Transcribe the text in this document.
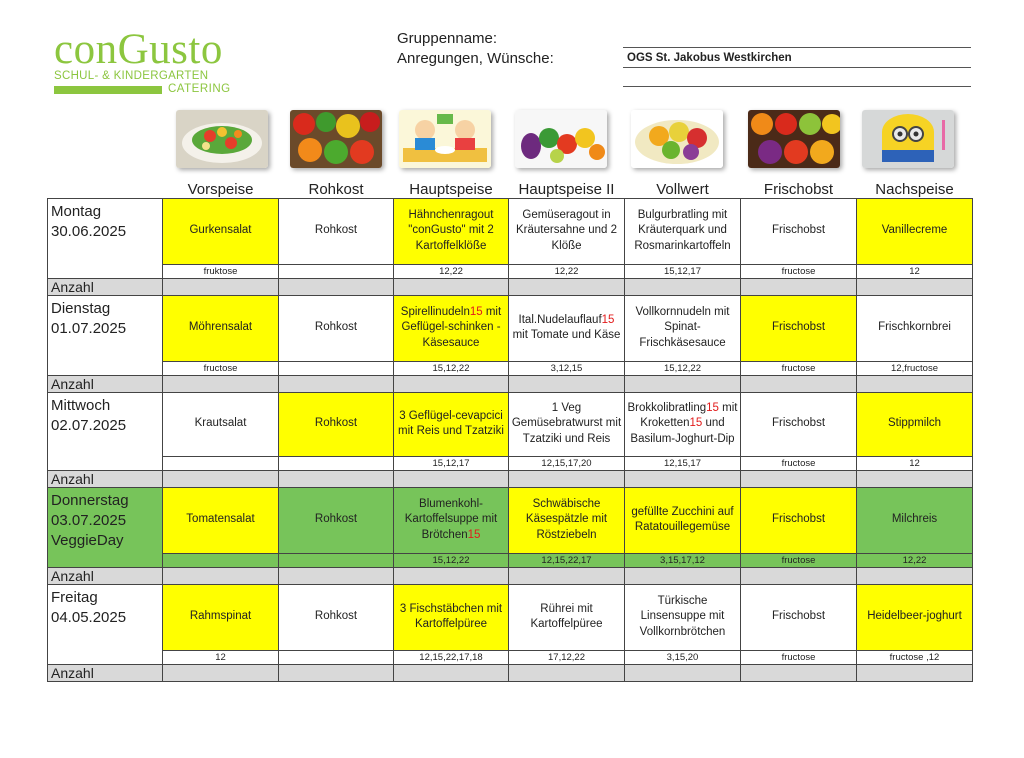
conGusto
SCHUL- & KINDERGARTEN
CATERING
Gruppenname:
Anregungen, Wünsche:	OGS St. Jakobus Westkirchen
	Vorspeise	Rohkost	Hauptspeise	Hauptspeise II	Vollwert	Frischobst	Nachspeise

Montag
30.06.2025	Gurkensalat	Rohkost	Hähnchenragout "conGusto" mit 2 Kartoffelklöße	Gemüseragout in Kräutersahne und 2 Klöße	Bulgurbratling mit Kräuterquark und Rosmarinkartoffeln	Frischobst	Vanillecreme
	fruktose		12,22	12,22	15,12,17	fructose	12
Anzahl							

Dienstag
01.07.2025	Möhrensalat	Rohkost	Spirellinudeln15 mit Geflügel-schinken - Käsesauce	Ital.Nudelauflauf15 mit Tomate und Käse	Vollkornnudeln mit Spinat-Frischkäsesauce	Frischobst	Frischkornbrei
	fructose		15,12,22	3,12,15	15,12,22	fructose	12,fructose
Anzahl							

Mittwoch
02.07.2025	Krautsalat	Rohkost	3 Geflügel-cevapcici mit Reis und Tzatziki	1 Veg Gemüsebratwurst mit Tzatziki und Reis	Brokkolibratling15 mit Kroketten15 und Basilum-Joghurt-Dip	Frischobst	Stippmilch
			15,12,17	12,15,17,20	12,15,17	fructose	12
Anzahl							

Donnerstag
03.07.2025
VeggieDay	Tomatensalat	Rohkost	Blumenkohl-Kartoffelsuppe mit Brötchen15	Schwäbische Käsespätzle mit Röstziebeln	gefüllte Zucchini auf Ratatouillegemüse	Frischobst	Milchreis
			15,12,22	12,15,22,17	3,15,17,12	fructose	12,22
Anzahl							

Freitag
04.05.2025	Rahmspinat	Rohkost	3 Fischstäbchen mit Kartoffelpüree	Rührei mit Kartoffelpüree	Türkische Linsensuppe mit Vollkornbrötchen	Frischobst	Heidelbeer-joghurt
	12		12,15,22,17,18	17,12,22	3,15,20	fructose	fructose ,12
Anzahl							
